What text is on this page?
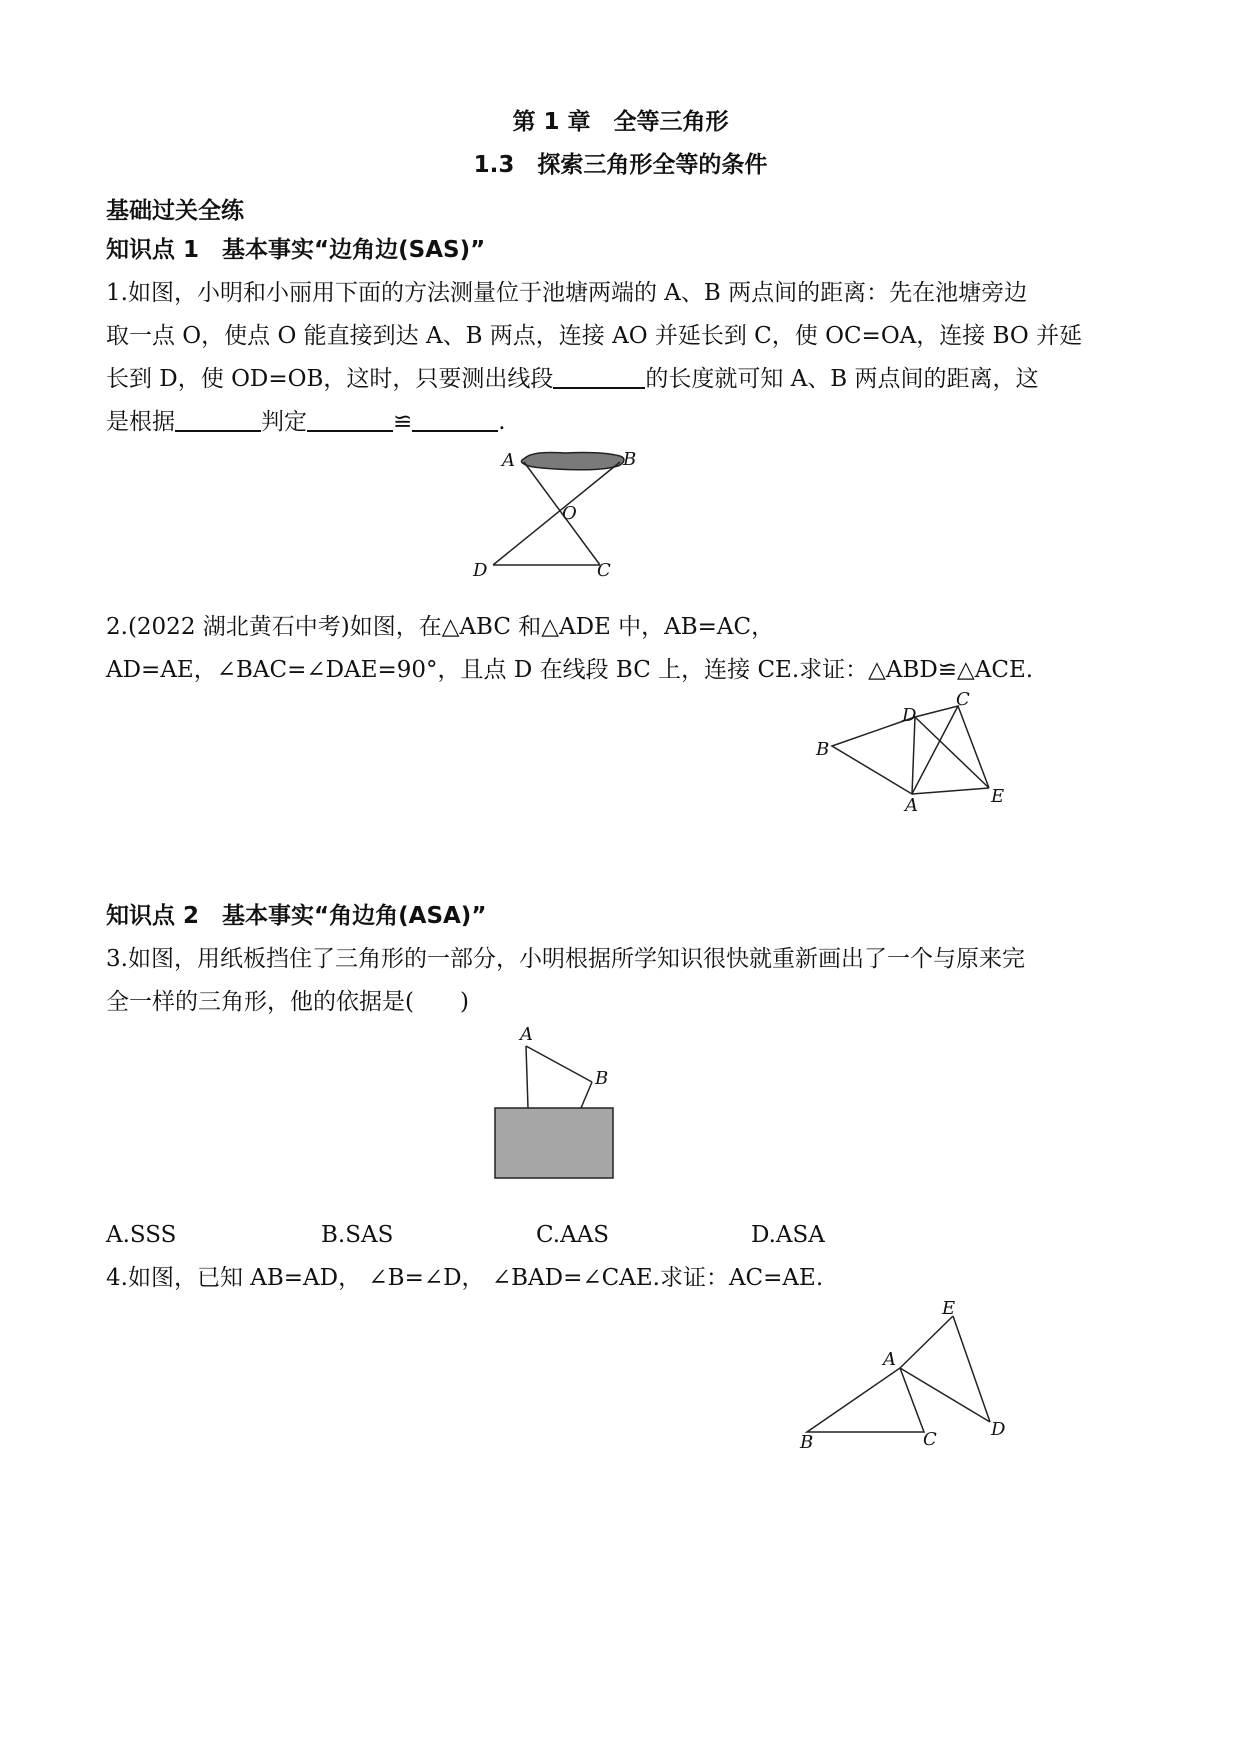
第 1 章　全等三角形
1.3　探索三角形全等的条件
基础过关全练
知识点 1　基本事实“边角边(SAS)”
1.如图，小明和小丽用下面的方法测量位于池塘两端的 A、B 两点间的距离：先在池塘旁边
取一点 O，使点 O 能直接到达 A、B 两点，连接 AO 并延长到 C，使 OC=OA，连接 BO 并延
长到 D，使 OD=OB，这时，只要测出线段	的长度就可知 A、B 两点间的距离，这
是根据	判定	≌	.
A	B
O
D	C
2.(2022 湖北黄石中考)如图，在△ABC 和△ADE 中，AB=AC，
AD=AE，∠BAC=∠DAE=90°，且点 D 在线段 BC 上，连接 CE.求证：△ABD≌△ACE.
D
C
B
A	E
知识点 2　基本事实“角边角(ASA)”
3.如图，用纸板挡住了三角形的一部分，小明根据所学知识很快就重新画出了一个与原来完
全一样的三角形，他的依据是(　　)
A
B
A.SSS	B.SAS	C.AAS	D.ASA
4.如图，已知 AB=AD， ∠B=∠D， ∠BAD=∠CAE.求证：AC=AE.
E
A
B	C	D
